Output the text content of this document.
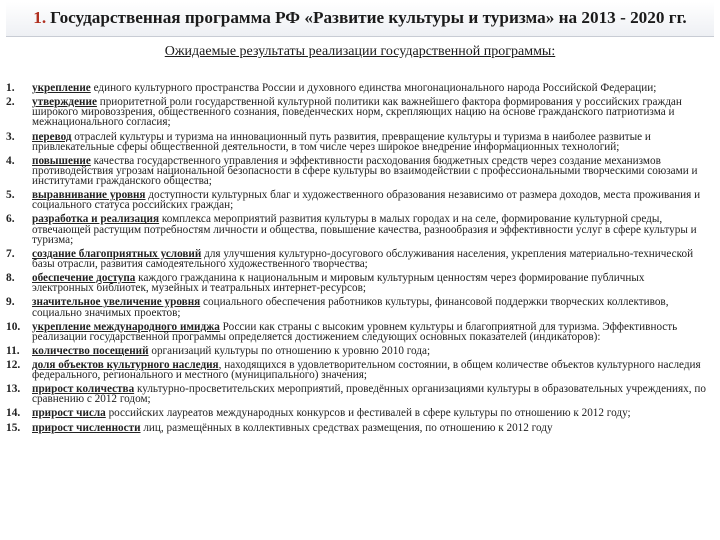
1. Государственная программа РФ «Развитие культуры и туризма» на 2013 - 2020 гг.
Ожидаемые результаты реализации государственной программы:
1. укрепление единого культурного пространства России и духовного единства многонационального народа Российской Федерации;
2. утверждение приоритетной роли государственной культурной политики как важнейшего фактора формирования у российских граждан широкого мировоззрения, общественного сознания, поведенческих норм, скрепляющих нацию на основе гражданского патриотизма и межнационального согласия;
3. перевод отраслей культуры и туризма на инновационный путь развития, превращение культуры и туризма в наиболее развитые и привлекательные сферы общественной деятельности, в том числе через широкое внедрение информационных технологий;
4. повышение качества государственного управления и эффективности расходования бюджетных средств через создание механизмов противодействия угрозам национальной безопасности в сфере культуры во взаимодействии с профессиональными творческими союзами и институтами гражданского общества;
5. выравнивание уровня доступности культурных благ и художественного образования независимо от размера доходов, места проживания и социального статуса российских граждан;
6. разработка и реализация комплекса мероприятий развития культуры в малых городах и на селе, формирование культурной среды, отвечающей растущим потребностям личности и общества, повышение качества, разнообразия и эффективности услуг в сфере культуры и туризма;
7. создание благоприятных условий для улучшения культурно-досугового обслуживания населения, укрепления материально-технической базы отрасли, развития самодеятельного художественного творчества;
8. обеспечение доступа каждого гражданина к национальным и мировым культурным ценностям через формирование публичных электронных библиотек, музейных и театральных интернет-ресурсов;
9. значительное увеличение уровня социального обеспечения работников культуры, финансовой поддержки творческих коллективов, социально значимых проектов;
10. укрепление международного имиджа России как страны с высоким уровнем культуры и благоприятной для туризма. Эффективность реализации государственной программы определяется достижением следующих основных показателей (индикаторов):
11. количество посещений организаций культуры по отношению к уровню 2010 года;
12. доля объектов культурного наследия, находящихся в удовлетворительном состоянии, в общем количестве объектов культурного наследия федерального, регионального и местного (муниципального) значения;
13. прирост количества культурно-просветительских мероприятий, проведённых организациями культуры в образовательных учреждениях, по сравнению с 2012 годом;
14. прирост числа российских лауреатов международных конкурсов и фестивалей в сфере культуры по отношению к 2012 году;
15. прирост численности лиц, размещённых в коллективных средствах размещения, по отношению к 2012 году
